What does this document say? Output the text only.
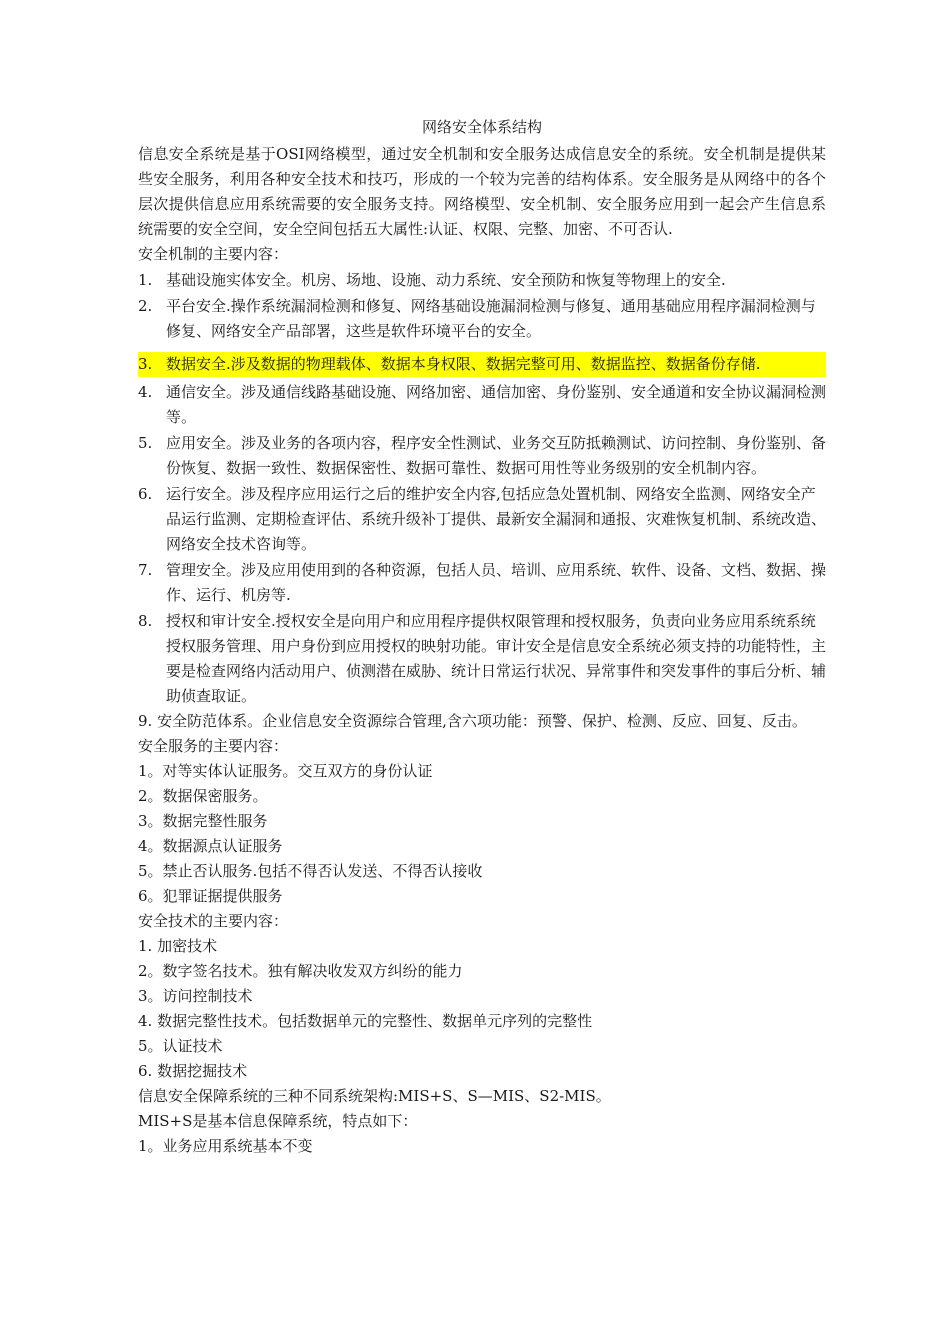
网络安全体系结构
信息安全系统是基于OSI网络模型，通过安全机制和安全服务达成信息安全的系统。安全机制是提供某些安全服务，利用各种安全技术和技巧，形成的一个较为完善的结构体系。安全服务是从网络中的各个层次提供信息应用系统需要的安全服务支持。网络模型、安全机制、安全服务应用到一起会产生信息系统需要的安全空间，安全空间包括五大属性:认证、权限、完整、加密、不可否认.
安全机制的主要内容：
1. 基础设施实体安全。机房、场地、设施、动力系统、安全预防和恢复等物理上的安全.
2. 平台安全.操作系统漏洞检测和修复、网络基础设施漏洞检测与修复、通用基础应用程序漏洞检测与修复、网络安全产品部署，这些是软件环境平台的安全。
3. 数据安全.涉及数据的物理载体、数据本身权限、数据完整可用、数据监控、数据备份存储.
4. 通信安全。涉及通信线路基础设施、网络加密、通信加密、身份鉴别、安全通道和安全协议漏洞检测等。
5. 应用安全。涉及业务的各项内容，程序安全性测试、业务交互防抵赖测试、访问控制、身份鉴别、备份恢复、数据一致性、数据保密性、数据可靠性、数据可用性等业务级别的安全机制内容。
6. 运行安全。涉及程序应用运行之后的维护安全内容,包括应急处置机制、网络安全监测、网络安全产品运行监测、定期检查评估、系统升级补丁提供、最新安全漏洞和通报、灾难恢复机制、系统改造、网络安全技术咨询等。
7. 管理安全。涉及应用使用到的各种资源，包括人员、培训、应用系统、软件、设备、文档、数据、操作、运行、机房等.
8. 授权和审计安全.授权安全是向用户和应用程序提供权限管理和授权服务，负责向业务应用系统系统授权服务管理、用户身份到应用授权的映射功能。审计安全是信息安全系统必须支持的功能特性，主要是检查网络内活动用户、侦测潜在威胁、统计日常运行状况、异常事件和突发事件的事后分析、辅助侦查取证。
9. 安全防范体系。企业信息安全资源综合管理,含六项功能：预警、保护、检测、反应、回复、反击。
安全服务的主要内容：
1。对等实体认证服务。交互双方的身份认证
2。数据保密服务。
3。数据完整性服务
4。数据源点认证服务
5。禁止否认服务.包括不得否认发送、不得否认接收
6。犯罪证据提供服务
安全技术的主要内容：
1. 加密技术
2。数字签名技术。独有解决收发双方纠纷的能力
3。访问控制技术
4. 数据完整性技术。包括数据单元的完整性、数据单元序列的完整性
5。认证技术
6. 数据挖掘技术
信息安全保障系统的三种不同系统架构:MIS+S、S—MIS、S2-MIS。
MIS+S是基本信息保障系统，特点如下：
1。业务应用系统基本不变
